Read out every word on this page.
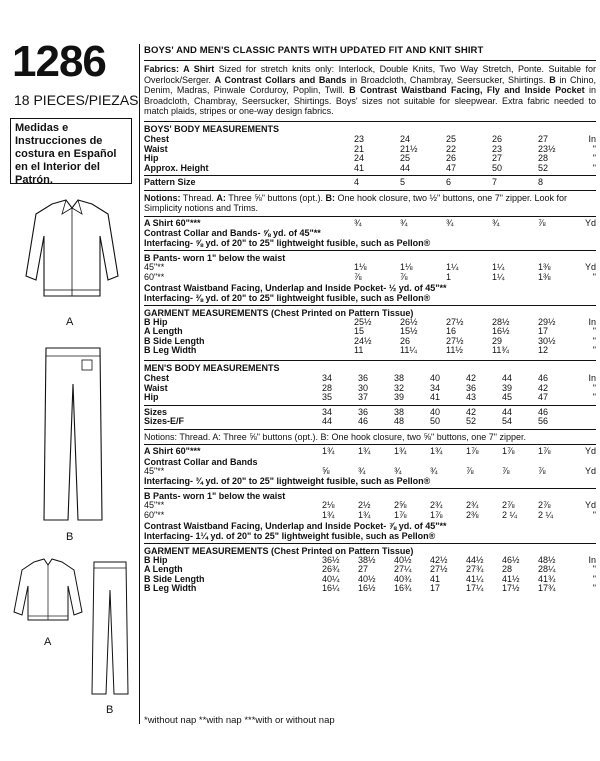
1286
18 PIECES/PIEZAS
Medidas e Instrucciones de costura en Español en el Interior del Patrón.
A
B
A
B
BOYS' AND MEN'S CLASSIC PANTS WITH UPDATED FIT AND KNIT SHIRT
Fabrics: A Shirt Sized for stretch knits only: Interlock, Double Knits, Two Way Stretch, Ponte. Suitable for Overlock/Serger. A Contrast Collars and Bands in Broadcloth, Chambray, Seersucker, Shirtings. B in Chino, Denim, Madras, Pinwale Corduroy, Poplin, Twill. B Contrast Waistband Facing, Fly and Inside Pocket in Broadcloth, Chambray, Seersucker, Shirtings. Boys' sizes not suitable for sleepwear. Extra fabric needed to match plaids, stripes or one-way design fabrics.
BOYS' BODY MEASUREMENTS
Chest	23	24	25	26	27	In
Waist	21	21½	22	23	23½	"
Hip	24	25	26	27	28	"
Approx. Height	41	44	47	50	52	"
Pattern Size	4	5	6	7	8	
Notions: Thread. A: Three ⅝" buttons (opt.). B: One hook closure, two ½" buttons, one 7" zipper. Look for Simplicity notions and Trims.
A Shirt 60"***	¾	¾	¾	¾	⅞	Yd
Contrast Collar and Bands- ⅝ yd. of 45"**
Interfacing- ⅝ yd. of 20" to 25" lightweight fusible, such as Pellon®
B Pants- worn 1" below the waist
45"**	1⅛	1⅛	1¼	1¼	1⅜	Yd
60"**	⅞	⅞	1	1¼	1⅜	"
Contrast Waistband Facing, Underlap and Inside Pocket- ½ yd. of 45"**
Interfacing- ⅜ yd. of 20" to 25" lightweight fusible, such as Pellon®
GARMENT MEASUREMENTS (Chest Printed on Pattern Tissue)
B Hip	25½	26½	27½	28½	29½	In
A Length	15	15½	16	16½	17	"
B Side Length	24½	26	27½	29	30½	"
B Leg Width	11	11¼	11½	11¾	12	"
MEN'S BODY MEASUREMENTS
Chest	34	36	38	40	42	44	46	In
Waist	28	30	32	34	36	39	42	"
Hip	35	37	39	41	43	45	47	"
Sizes	34	36	38	40	42	44	46	
Sizes-E/F	44	46	48	50	52	54	56	
Notions: Thread. A: Three ⅝" buttons (opt.). B: One hook closure, two ⅝" buttons, one 7" zipper.
A Shirt 60"***	1¾	1¾	1¾	1¾	1⅞	1⅞	1⅞	Yd
Contrast Collar and Bands
45"**	⅝	¾	¾	¾	⅞	⅞	⅞	Yd
Interfacing- ¾ yd. of 20" to 25" lightweight fusible, such as Pellon®
B Pants- worn 1" below the waist
45"**	2⅛	2½	2⅝	2¾	2¾	2⅞	2⅞	Yd
60"**	1¾	1¾	1⅞	1⅞	2⅜	2 ¼	2 ¼	"
Contrast Waistband Facing, Underlap and Inside Pocket- ⅞ yd. of 45"**
Interfacing- 1¼ yd. of 20" to 25" lightweight fusible, such as Pellon®
GARMENT MEASUREMENTS (Chest Printed on Pattern Tissue)
B Hip	36½	38½	40½	42½	44½	46½	48½	In
A Length	26¾	27	27¼	27½	27¾	28	28¼	"
B Side Length	40¼	40½	40¾	41	41¼	41½	41¾	"
B Leg Width	16¼	16½	16¾	17	17¼	17½	17¾	"
*without nap **with nap ***with or without nap
